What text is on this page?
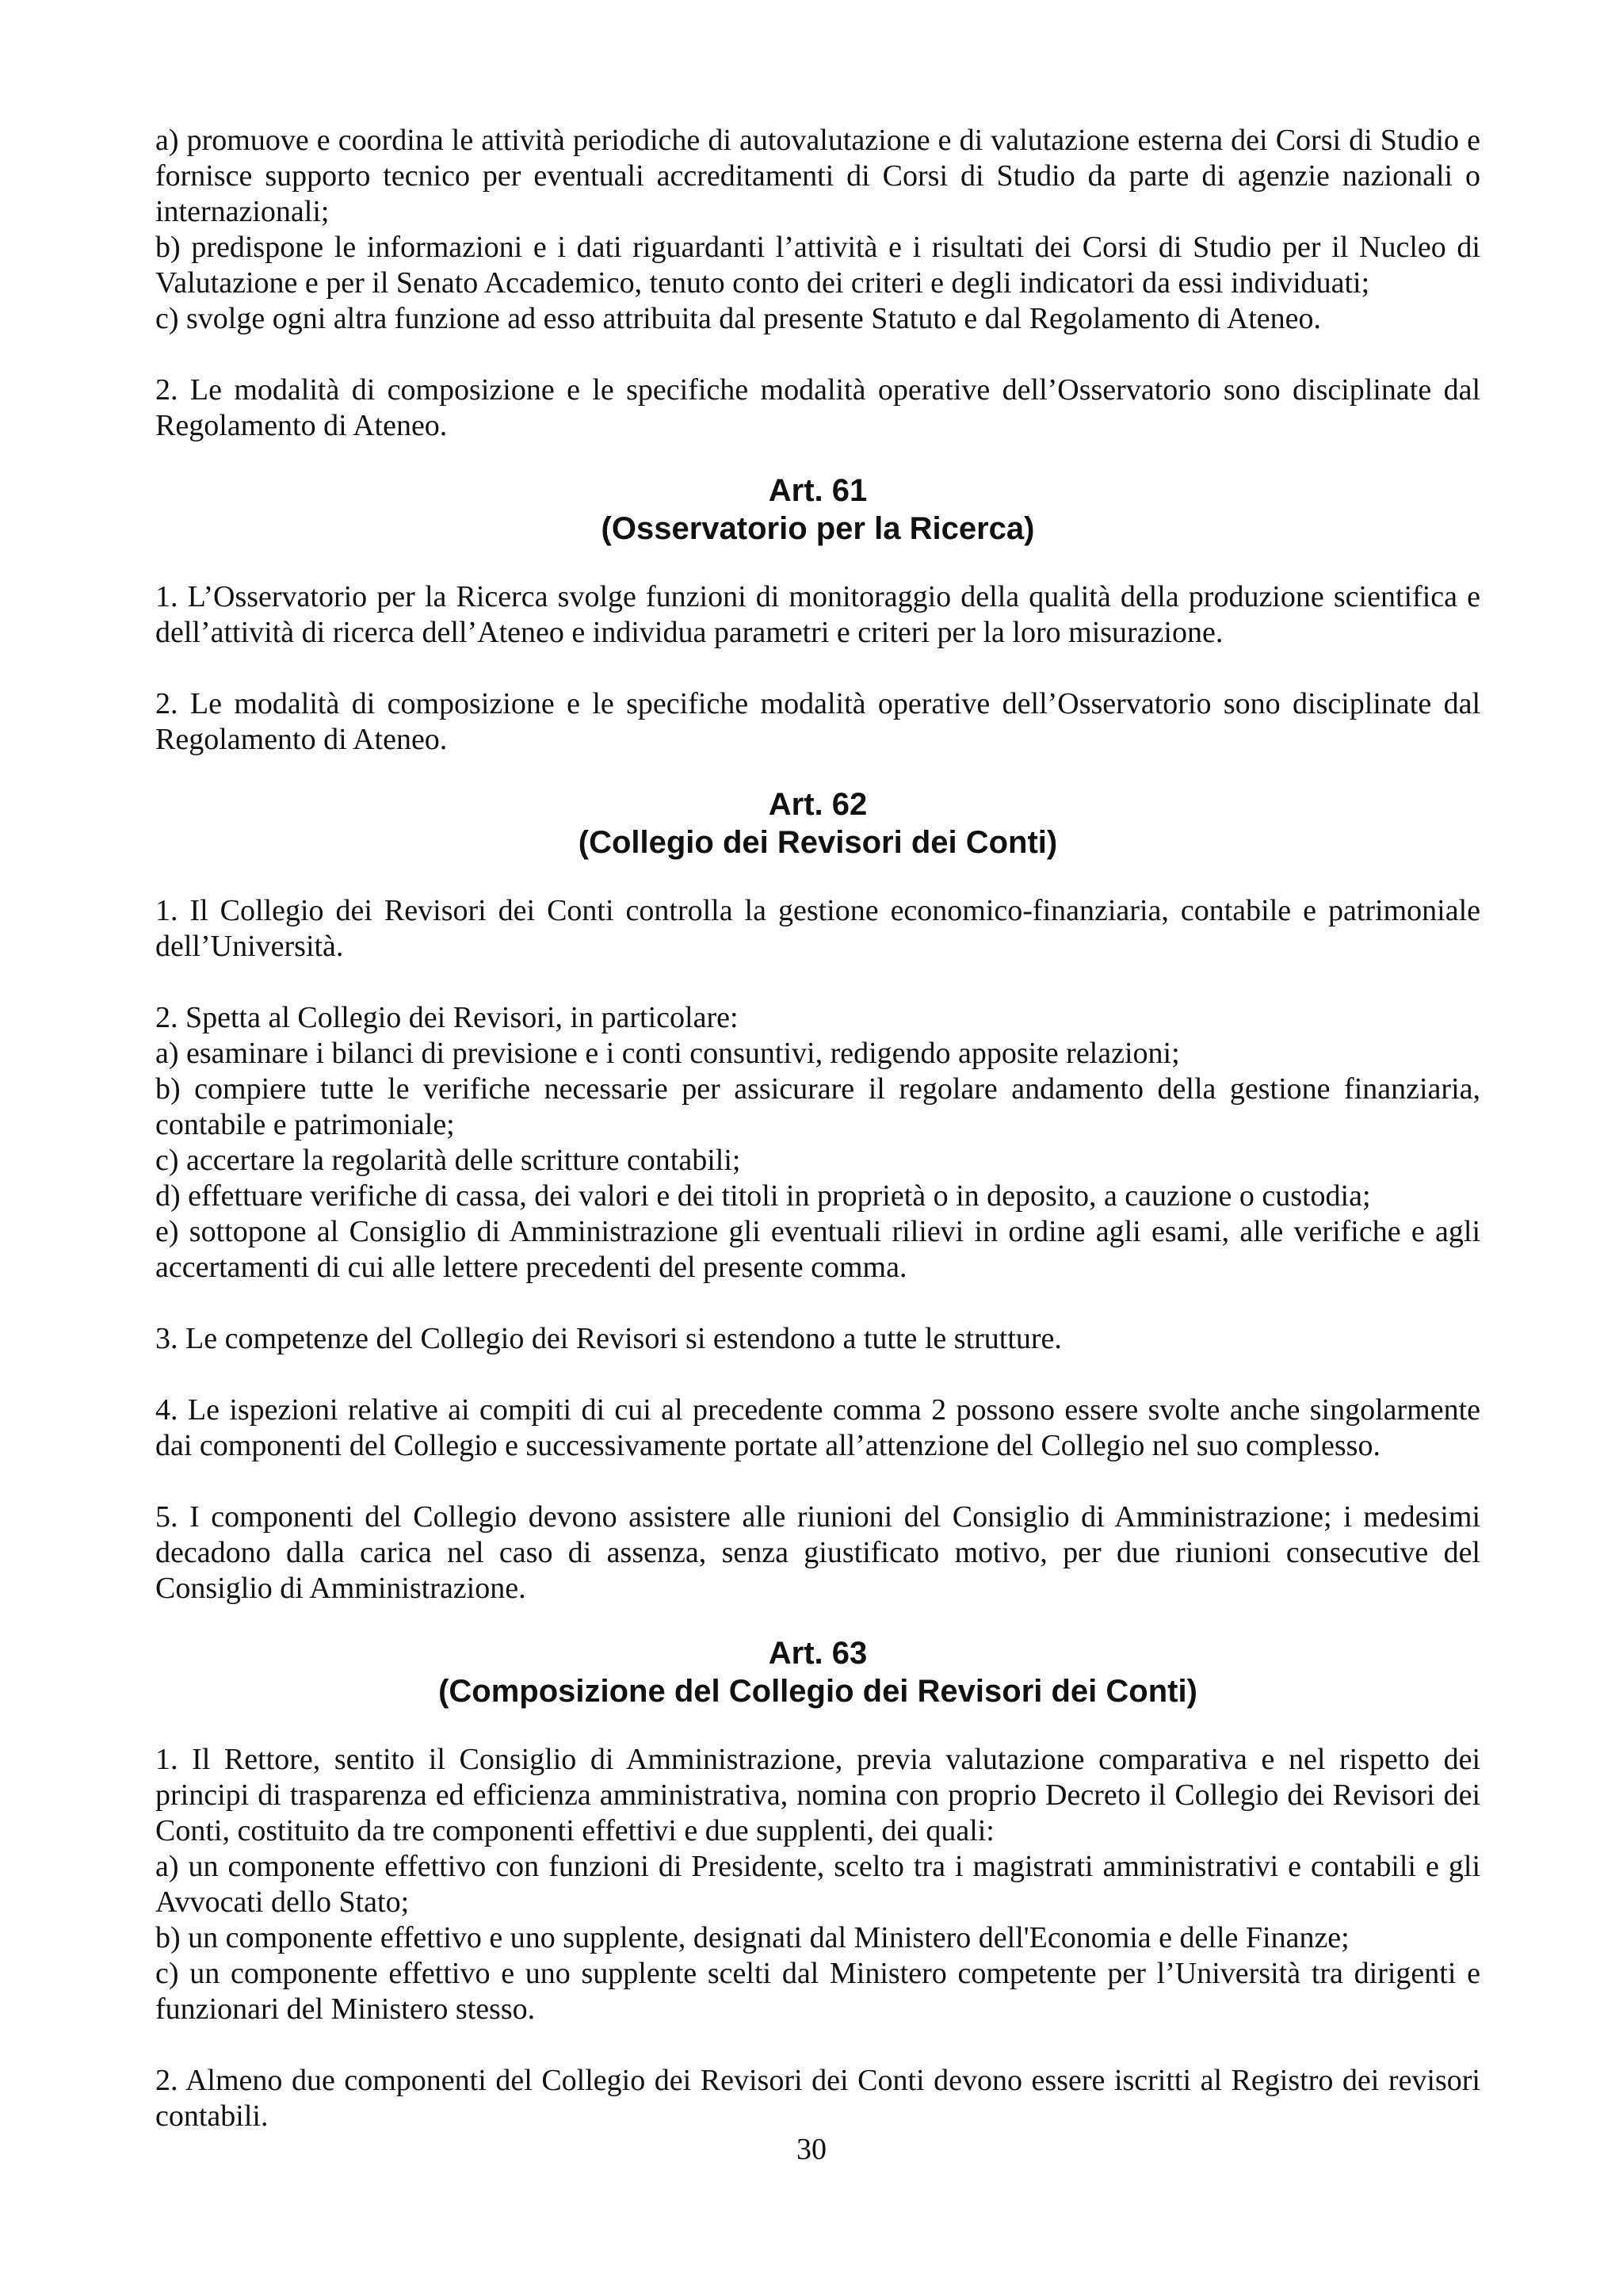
a) promuove e coordina le attività periodiche di autovalutazione e di valutazione esterna dei Corsi di Studio e fornisce supporto tecnico per eventuali accreditamenti di Corsi di Studio da parte di agenzie nazionali o internazionali;

b) predispone le informazioni e i dati riguardanti l’attività e i risultati dei Corsi di Studio per il Nucleo di Valutazione e per il Senato Accademico, tenuto conto dei criteri e degli indicatori da essi individuati;

c) svolge ogni altra funzione ad esso attribuita dal presente Statuto e dal Regolamento di Ateneo.

2. Le modalità di composizione e le specifiche modalità operative dell’Osservatorio sono disciplinate dal Regolamento di Ateneo.

Art. 61

(Osservatorio per la Ricerca)

1. L’Osservatorio per la Ricerca svolge funzioni di monitoraggio della qualità della produzione scientifica e dell’attività di ricerca dell’Ateneo e individua parametri e criteri per la loro misurazione.

2. Le modalità di composizione e le specifiche modalità operative dell’Osservatorio sono disciplinate dal Regolamento di Ateneo.

Art. 62

(Collegio dei Revisori dei Conti)

1. Il Collegio dei Revisori dei Conti controlla la gestione economico-finanziaria, contabile e patrimoniale dell’Università.

2. Spetta al Collegio dei Revisori, in particolare:

a) esaminare i bilanci di previsione e i conti consuntivi, redigendo apposite relazioni;

b) compiere tutte le verifiche necessarie per assicurare il regolare andamento della gestione finanziaria, contabile e patrimoniale;

c) accertare la regolarità delle scritture contabili;

d) effettuare verifiche di cassa, dei valori e dei titoli in proprietà o in deposito, a cauzione o custodia;

e) sottopone al Consiglio di Amministrazione gli eventuali rilievi in ordine agli esami, alle verifiche e agli accertamenti di cui alle lettere precedenti del presente comma.

3. Le competenze del Collegio dei Revisori si estendono a tutte le strutture.

4. Le ispezioni relative ai compiti di cui al precedente comma 2 possono essere svolte anche singolarmente dai componenti del Collegio e successivamente portate all’attenzione del Collegio nel suo complesso.

5. I componenti del Collegio devono assistere alle riunioni del Consiglio di Amministrazione; i medesimi decadono dalla carica nel caso di assenza, senza giustificato motivo, per due riunioni consecutive del Consiglio di Amministrazione.

Art. 63

(Composizione del Collegio dei Revisori dei Conti)

1. Il Rettore, sentito il Consiglio di Amministrazione, previa valutazione comparativa e nel rispetto dei principi di trasparenza ed efficienza amministrativa, nomina con proprio Decreto il Collegio dei Revisori dei Conti, costituito da tre componenti effettivi e due supplenti, dei quali:

a) un componente effettivo con funzioni di Presidente, scelto tra i magistrati amministrativi e contabili e gli Avvocati dello Stato;

b) un componente effettivo e uno supplente, designati dal Ministero dell'Economia e delle Finanze;

c) un componente effettivo e uno supplente scelti dal Ministero competente per l’Università tra dirigenti e funzionari del Ministero stesso.

2. Almeno due componenti del Collegio dei Revisori dei Conti devono essere iscritti al Registro dei revisori contabili.

30
